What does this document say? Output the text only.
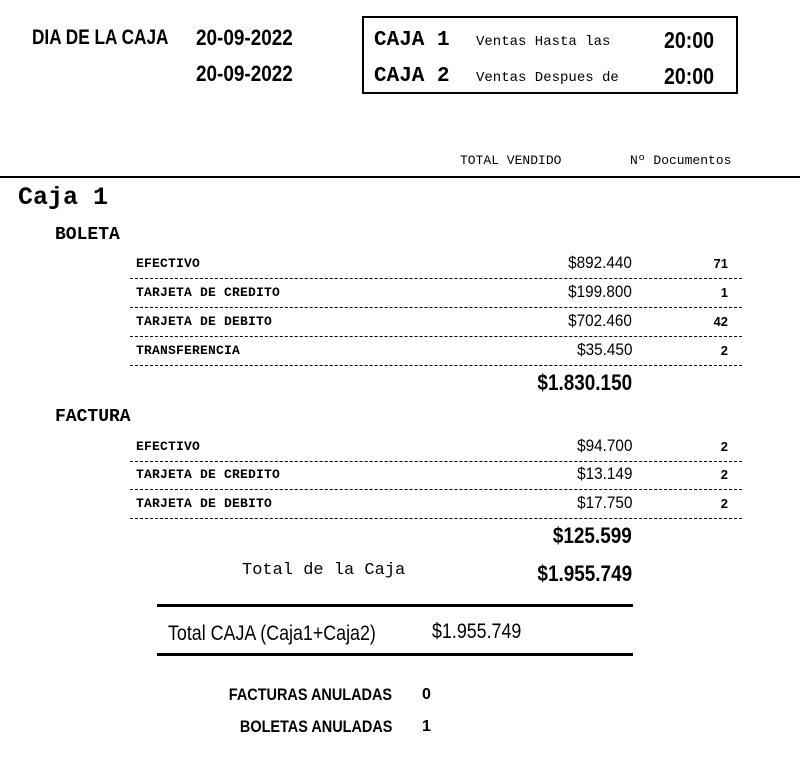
DIA DE LA CAJA 20-09-2022
20-09-2022
CAJA 1 Ventas Hasta las 20:00
CAJA 2 Ventas Despues de 20:00
TOTAL VENDIDO	Nº Documentos
Caja 1
BOLETA
EFECTIVO	$892.440	71
TARJETA DE CREDITO	$199.800	1
TARJETA DE DEBITO	$702.460	42
TRANSFERENCIA	$35.450	2
$1.830.150
FACTURA
EFECTIVO	$94.700	2
TARJETA DE CREDITO	$13.149	2
TARJETA DE DEBITO	$17.750	2
$125.599
Total de la Caja	$1.955.749
Total CAJA (Caja1+Caja2)	$1.955.749
FACTURAS ANULADAS 0
BOLETAS ANULADAS 1
